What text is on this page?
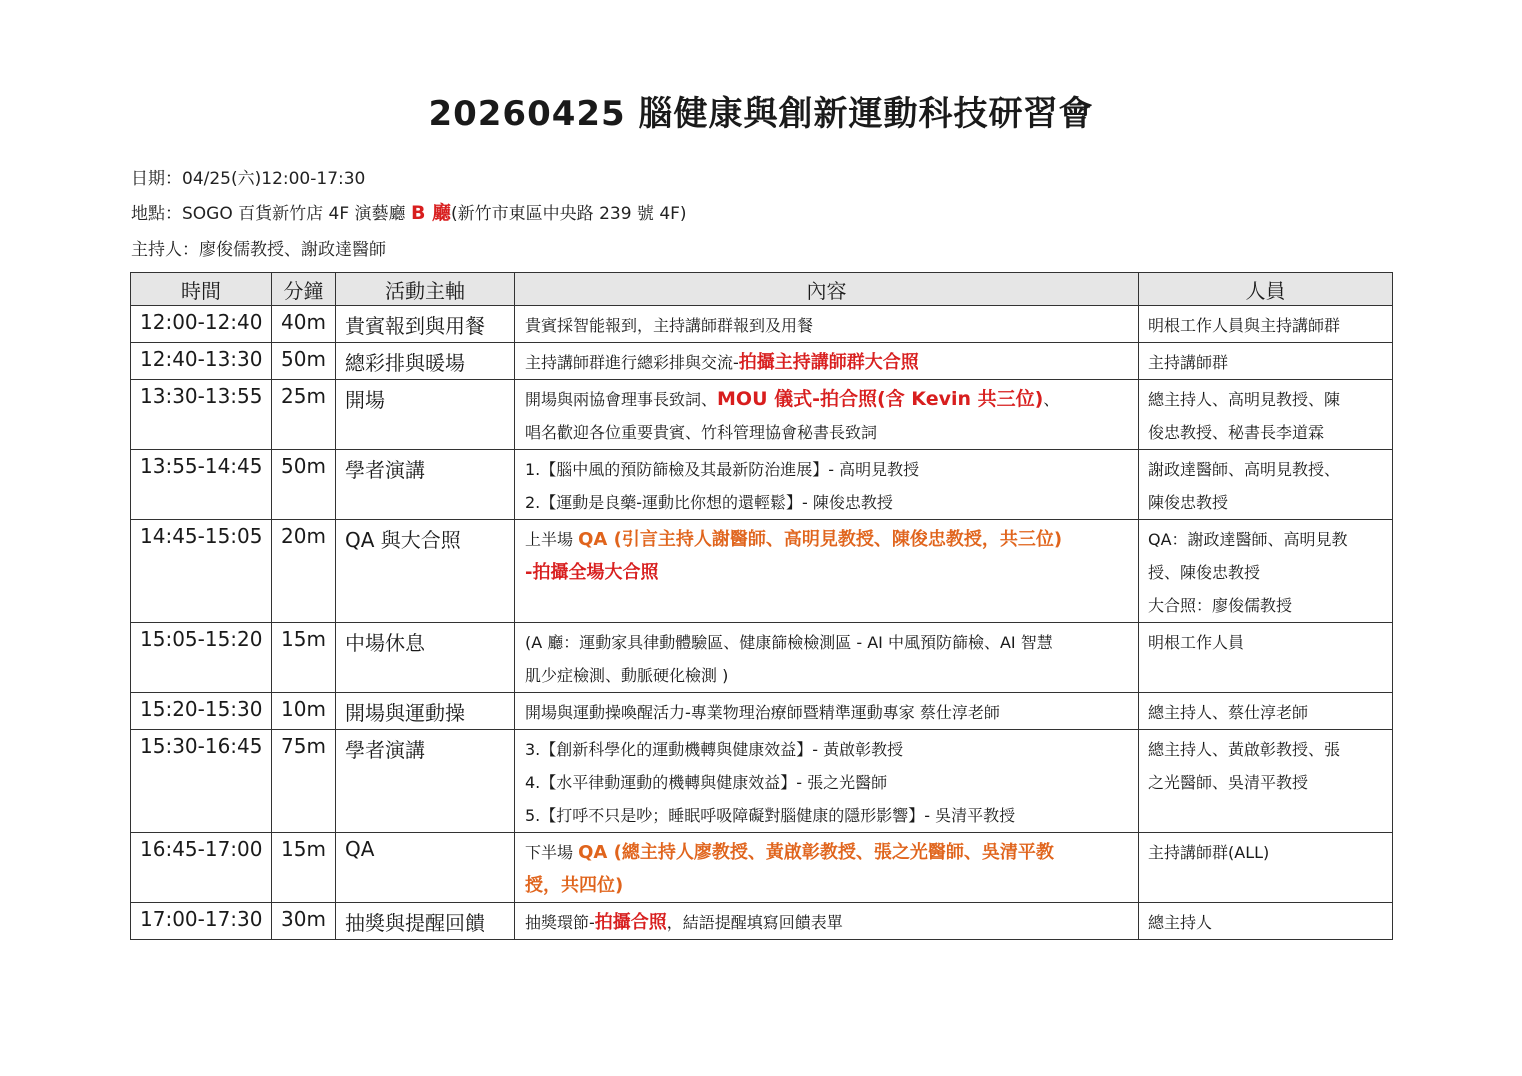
20260425 腦健康與創新運動科技研習會
日期：04/25(六)12:00-17:30
地點：SOGO 百貨新竹店 4F 演藝廳 B 廳(新竹市東區中央路 239 號 4F)
主持人：廖俊儒教授、謝政達醫師
時間	分鐘	活動主軸	內容	人員
12:00-12:40	40m	貴賓報到與用餐	貴賓採智能報到，主持講師群報到及用餐	明根工作人員與主持講師群
12:40-13:30	50m	總彩排與暖場	主持講師群進行總彩排與交流-拍攝主持講師群大合照	主持講師群
13:30-13:55	25m	開場	開場與兩協會理事長致詞、MOU 儀式-拍合照(含 Kevin 共三位)、
唱名歡迎各位重要貴賓、竹科管理協會秘書長致詞	總主持人、高明見教授、陳
俊忠教授、秘書長李道霖

13:55-14:45	50m	學者演講	1.【腦中風的預防篩檢及其最新防治進展】- 高明見教授
2.【運動是良藥-運動比你想的還輕鬆】- 陳俊忠教授	謝政達醫師、高明見教授、
陳俊忠教授

14:45-15:05	20m	QA 與大合照	上半場 QA (引言主持人謝醫師、高明見教授、陳俊忠教授，共三位)
-拍攝全場大合照	QA：謝政達醫師、高明見教
授、陳俊忠教授
大合照：廖俊儒教授

15:05-15:20	15m	中場休息	(A 廳：運動家具律動體驗區、健康篩檢檢測區 - AI 中風預防篩檢、AI 智慧
肌少症檢測、動脈硬化檢測 )	明根工作人員
15:20-15:30	10m	開場與運動操	開場與運動操喚醒活力-專業物理治療師暨精準運動專家 蔡仕淳老師	總主持人、蔡仕淳老師
15:30-16:45	75m	學者演講	3.【創新科學化的運動機轉與健康效益】- 黃啟彰教授
4.【水平律動運動的機轉與健康效益】- 張之光醫師
5.【打呼不只是吵；睡眠呼吸障礙對腦健康的隱形影響】- 吳清平教授	總主持人、黃啟彰教授、張
之光醫師、吳清平教授

16:45-17:00	15m	QA	下半場 QA (總主持人廖教授、黃啟彰教授、張之光醫師、吳清平教
授，共四位)	主持講師群(ALL)
17:00-17:30	30m	抽獎與提醒回饋	抽獎環節-拍攝合照，結語提醒填寫回饋表單	總主持人
